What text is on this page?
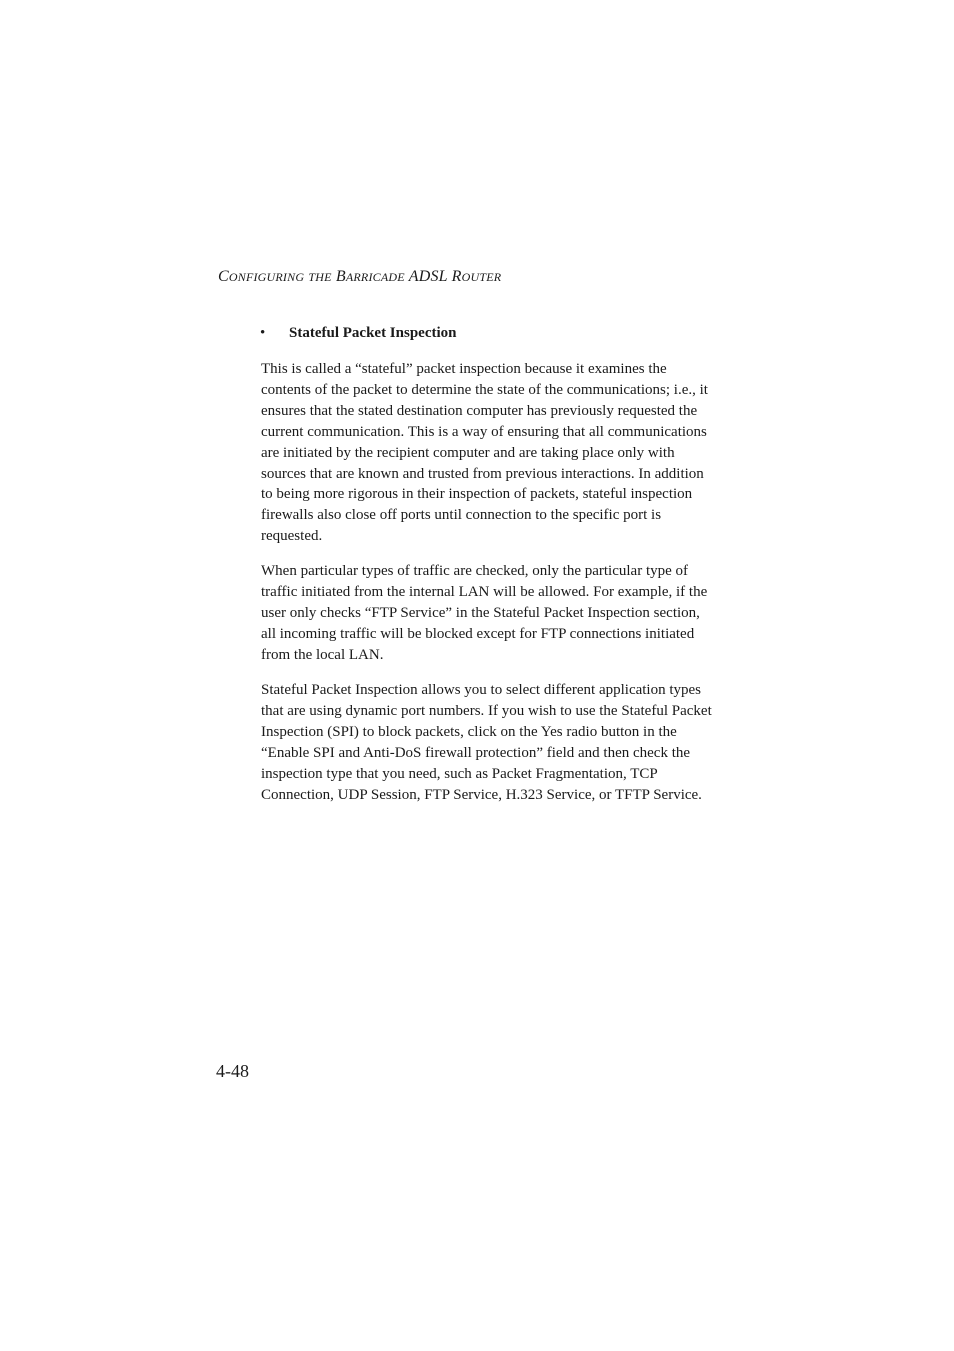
CONFIGURING THE BARRICADE ADSL ROUTER
• Stateful Packet Inspection

This is called a “stateful” packet inspection because it examines the

contents of the packet to determine the state of the communications; i.e., it

ensures that the stated destination computer has previously requested the

current communication. This is a way of ensuring that all communications

are initiated by the recipient computer and are taking place only with

sources that are known and trusted from previous interactions. In addition

to being more rigorous in their inspection of packets, stateful inspection

firewalls also close off ports until connection to the specific port is

requested.

When particular types of traffic are checked, only the particular type of

traffic initiated from the internal LAN will be allowed. For example, if the

user only checks “FTP Service” in the Stateful Packet Inspection section,

all incoming traffic will be blocked except for FTP connections initiated

from the local LAN.

Stateful Packet Inspection allows you to select different application types

that are using dynamic port numbers. If you wish to use the Stateful Packet

Inspection (SPI) to block packets, click on the Yes radio button in the

“Enable SPI and Anti-DoS firewall protection” field and then check the

inspection type that you need, such as Packet Fragmentation, TCP

Connection, UDP Session, FTP Service, H.323 Service, or TFTP Service.

4-48
